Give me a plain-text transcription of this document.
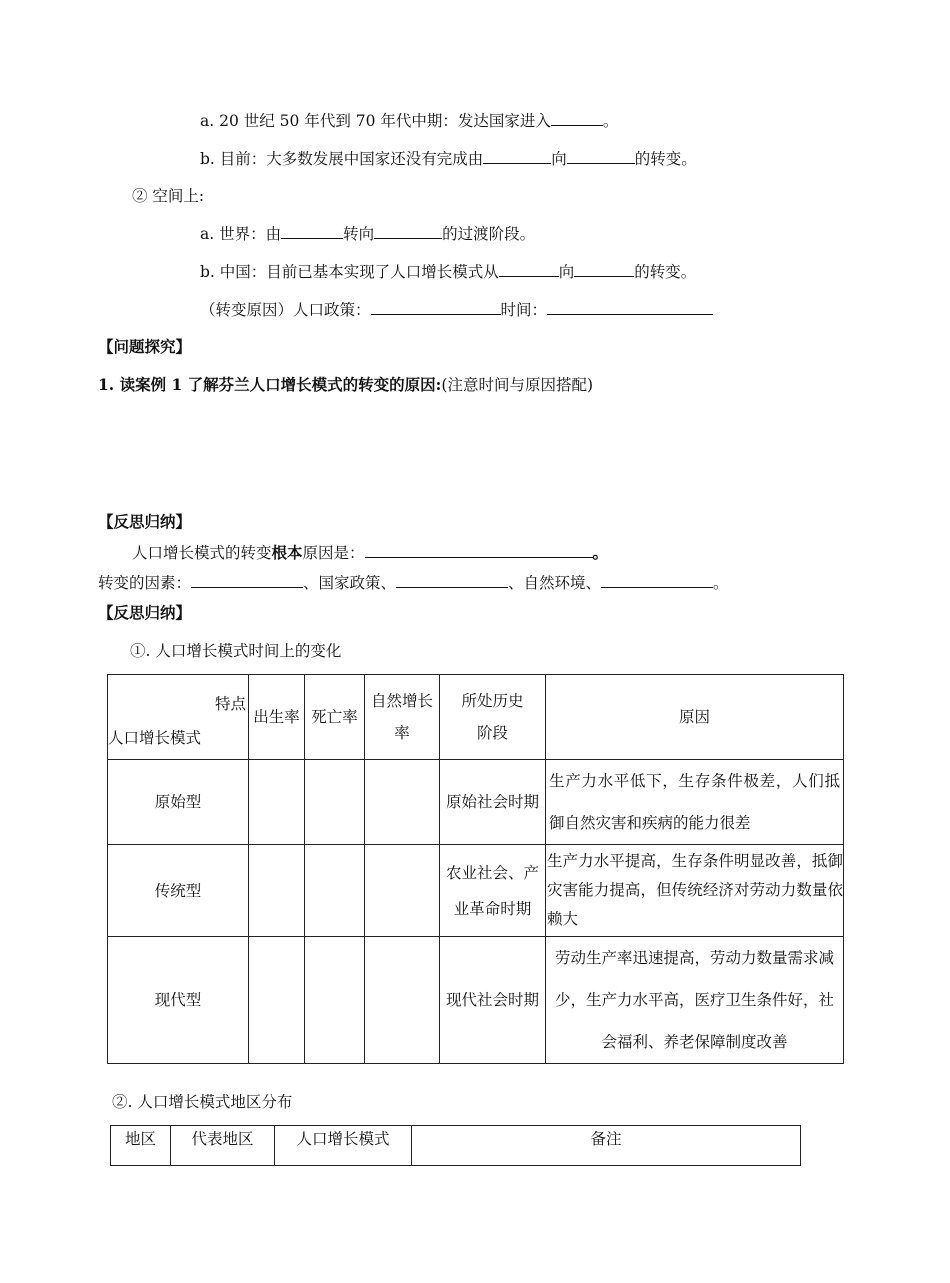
a. 20 世纪 50 年代到 70 年代中期：发达国家进入	。
b. 目前：大多数发展中国家还没有完成由	向	的转变。
② 空间上:
a. 世界：由	转向	的过渡阶段。
b. 中国：目前已基本实现了人口增长模式从	向	的转变。
（转变原因）人口政策：	时间：
【问题探究】
1. 读案例 1 了解芬兰人口增长模式的转变的原因:(注意时间与原因搭配)
【反思归纳】
人口增长模式的转变根本原因是：	。
转变的因素：	、国家政策、	、自然环境、	。
【反思归纳】
①. 人口增长模式时间上的变化
特点
人口增长模式	出生率	死亡率	自然增长率	所处历史阶段	原因
原始型				原始社会时期	生产力水平低下，生存条件极差，人们抵御自然灾害和疾病的能力很差
传统型				农业社会、产业革命时期	生产力水平提高，生存条件明显改善，抵御灾害能力提高，但传统经济对劳动力数量依赖大
现代型				现代社会时期	劳动生产率迅速提高，劳动力数量需求减少，生产力水平高，医疗卫生条件好，社会福利、养老保障制度改善
②. 人口增长模式地区分布
地区	代表地区	人口增长模式	备注
